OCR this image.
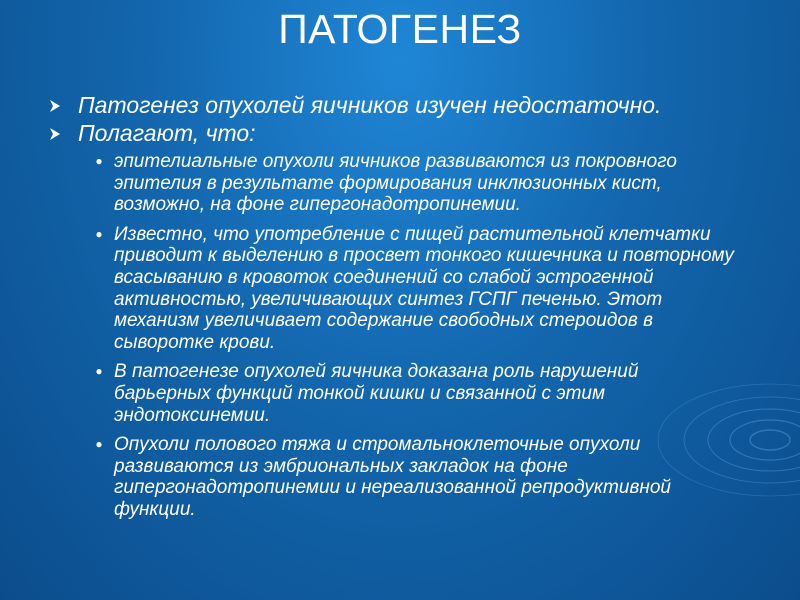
ПАТОГЕНЕЗ
Патогенез опухолей яичников изучен недостаточно.
Полагают, что:
● эпителиальные опухоли яичников развиваются из покровного эпителия в результате формирования инклюзионных кист, возможно, на фоне гипергонадотропинемии.
● Известно, что употребление с пищей растительной клетчатки приводит к выделению в просвет тонкого кишечника и повторному всасыванию в кровоток соединений со слабой эстрогенной активностью, увеличивающих синтез ГСПГ печенью. Этот механизм увеличивает содержание свободных стероидов в сыворотке крови.
● В патогенезе опухолей яичника доказана роль нарушений барьерных функций тонкой кишки и связанной с этим эндотоксинемии.
● Опухоли полового тяжа и стромальноклеточные опухоли развиваются из эмбриональных закладок на фоне гипергонадотропинемии и нереализованной репродуктивной функции.
